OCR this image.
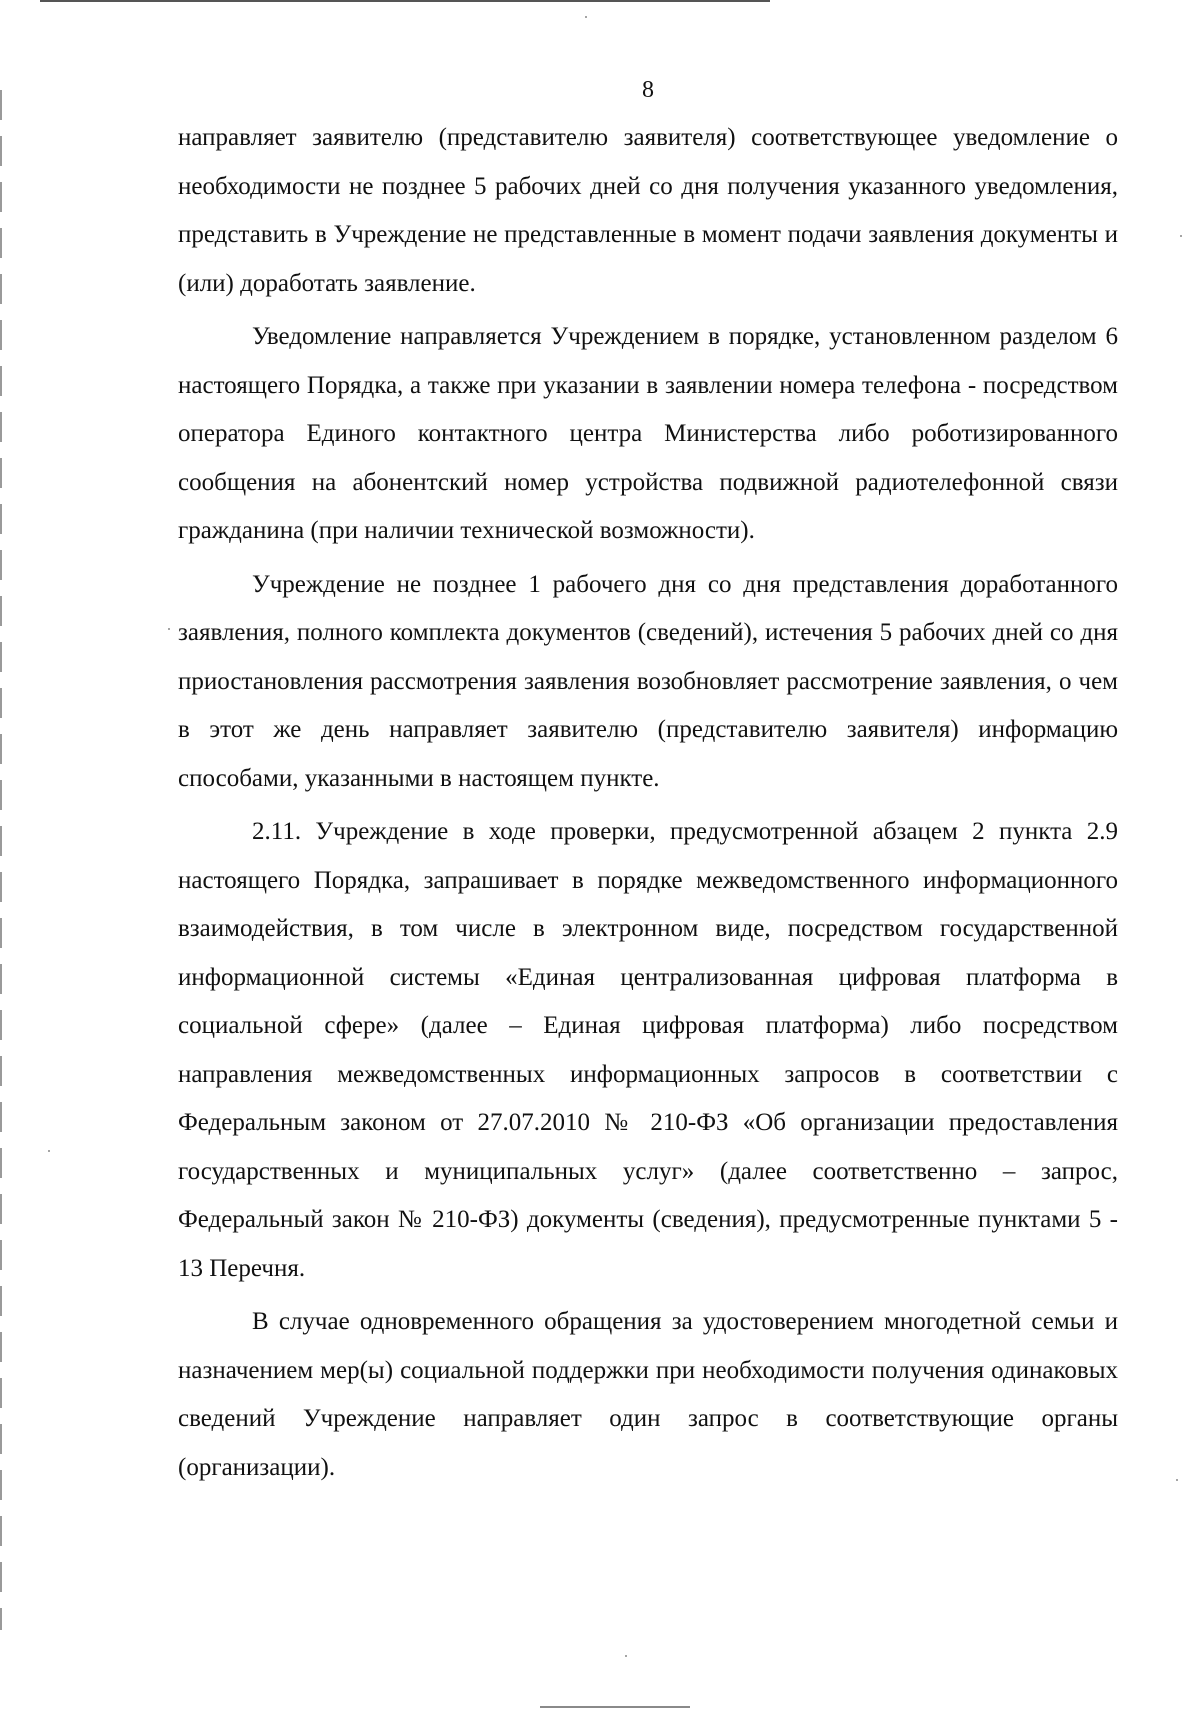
8

направляет заявителю (представителю заявителя) соответствующее уведомление о необходимости не позднее 5 рабочих дней со дня получения указанного уведомления, представить в Учреждение не представленные в момент подачи заявления документы и (или) доработать заявление.

Уведомление направляется Учреждением в порядке, установленном разделом 6 настоящего Порядка, а также при указании в заявлении номера телефона - посредством оператора Единого контактного центра Министерства либо роботизированного сообщения на абонентский номер устройства подвижной радиотелефонной связи гражданина (при наличии технической возможности).

Учреждение не позднее 1 рабочего дня со дня представления доработанного заявления, полного комплекта документов (сведений), истечения 5 рабочих дней со дня приостановления рассмотрения заявления возобновляет рассмотрение заявления, о чем в этот же день направляет заявителю (представителю заявителя) информацию способами, указанными в настоящем пункте.

2.11. Учреждение в ходе проверки, предусмотренной абзацем 2 пункта 2.9 настоящего Порядка, запрашивает в порядке межведомственного информационного взаимодействия, в том числе в электронном виде, посредством государственной информационной системы «Единая централизованная цифровая платформа в социальной сфере» (далее – Единая цифровая платформа) либо посредством направления межведомственных информационных запросов в соответствии с Федеральным законом от 27.07.2010 № 210-ФЗ «Об организации предоставления государственных и муниципальных услуг» (далее соответственно – запрос, Федеральный закон № 210-ФЗ) документы (сведения), предусмотренные пунктами 5 - 13 Перечня.

В случае одновременного обращения за удостоверением многодетной семьи и назначением мер(ы) социальной поддержки при необходимости получения одинаковых сведений Учреждение направляет один запрос в соответствующие органы (организации).
